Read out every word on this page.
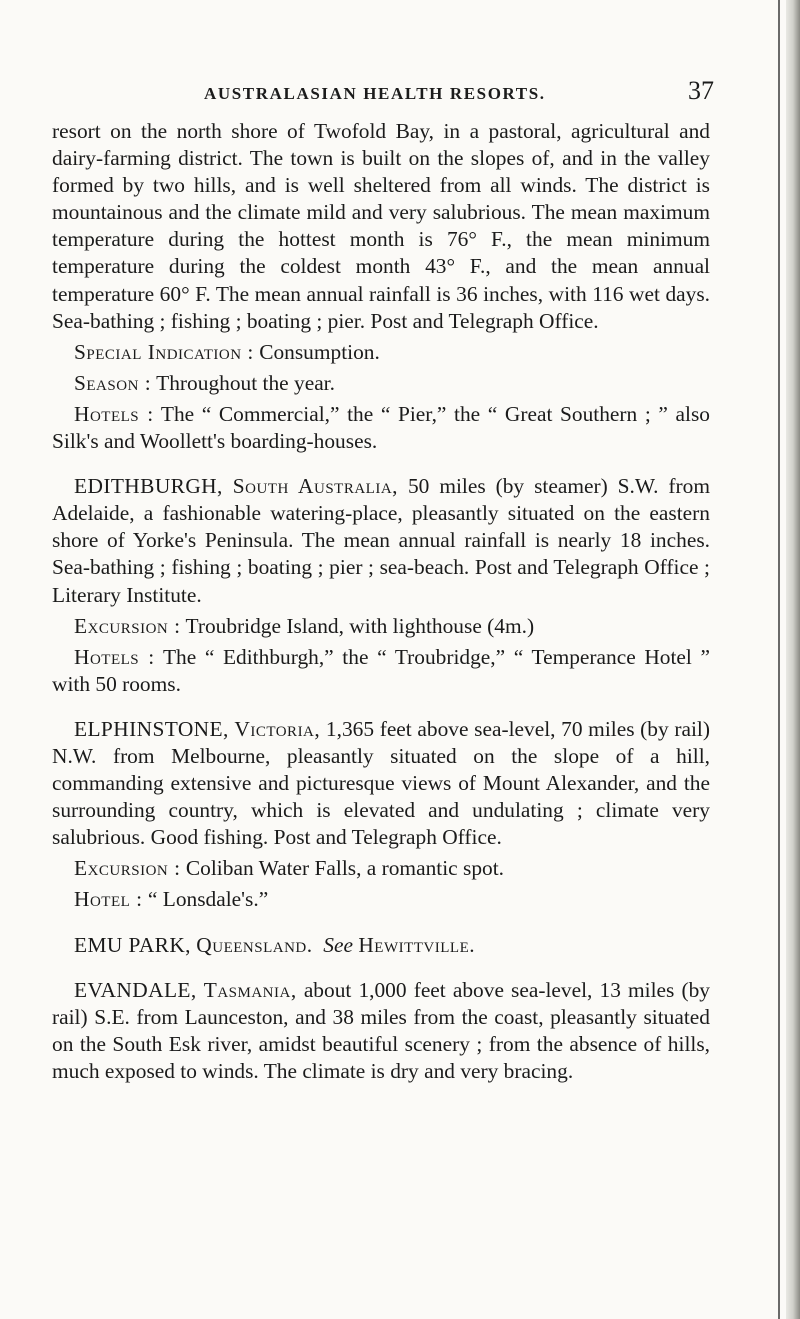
AUSTRALASIAN HEALTH RESORTS.	37

resort on the north shore of Twofold Bay, in a pastoral, agricultural and dairy-farming district. The town is built on the slopes of, and in the valley formed by two hills, and is well sheltered from all winds. The district is mountainous and the climate mild and very salubrious. The mean maximum temperature during the hottest month is 76° F., the mean minimum temperature during the coldest month 43° F., and the mean annual temperature 60° F. The mean annual rainfall is 36 inches, with 116 wet days. Sea-bathing ; fishing ; boating ; pier. Post and Telegraph Office.

Special Indication : Consumption.

Season : Throughout the year.

Hotels : The “ Commercial,” the “ Pier,” the “ Great Southern ; ” also Silk's and Woollett's boarding-houses.

EDITHBURGH, South Australia, 50 miles (by steamer) S.W. from Adelaide, a fashionable watering-place, pleasantly situated on the eastern shore of Yorke's Peninsula. The mean annual rainfall is nearly 18 inches. Sea-bathing ; fishing ; boating ; pier ; sea-beach. Post and Telegraph Office ; Literary Institute.

Excursion : Troubridge Island, with lighthouse (4m.)

Hotels : The “ Edithburgh,” the “ Troubridge,” “ Temperance Hotel ” with 50 rooms.

ELPHINSTONE, Victoria, 1,365 feet above sea-level, 70 miles (by rail) N.W. from Melbourne, pleasantly situated on the slope of a hill, commanding extensive and picturesque views of Mount Alexander, and the surrounding country, which is elevated and undulating ; climate very salubrious. Good fishing. Post and Telegraph Office.

Excursion : Coliban Water Falls, a romantic spot.

Hotel : “ Lonsdale's.”

EMU PARK, Queensland. See Hewittville.

EVANDALE, Tasmania, about 1,000 feet above sea-level, 13 miles (by rail) S.E. from Launceston, and 38 miles from the coast, pleasantly situated on the South Esk river, amidst beautiful scenery ; from the absence of hills, much exposed to winds. The climate is dry and very bracing.
